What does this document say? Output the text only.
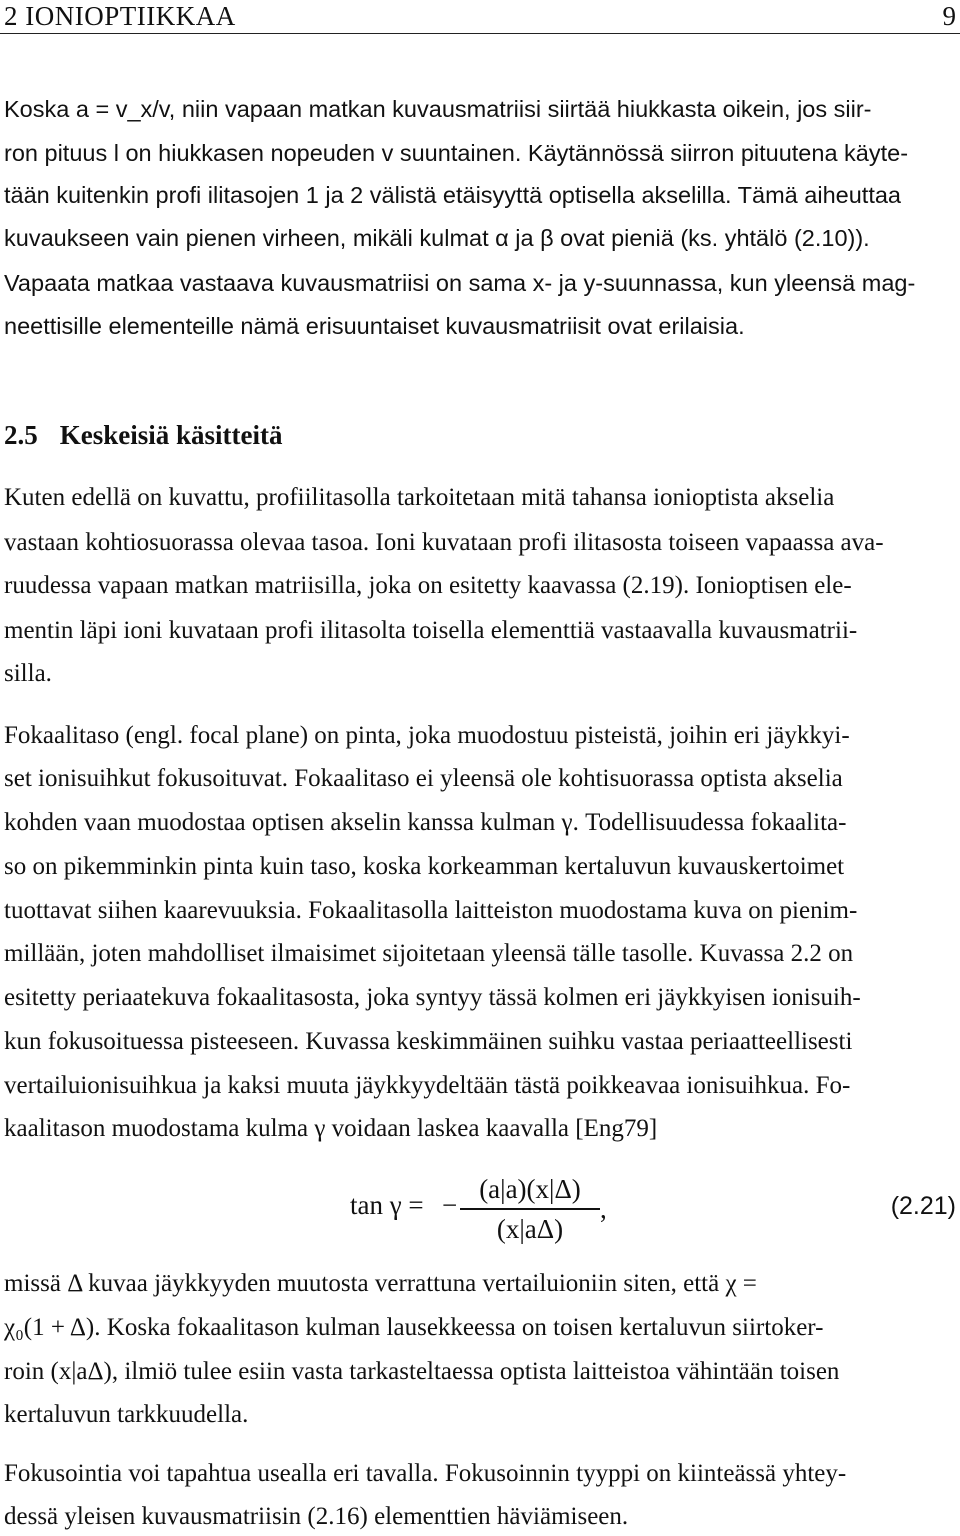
2 IONIOPTIIKKAA	9
Koska a = v_x/v, niin vapaan matkan kuvausmatriisi siirtää hiukkasta oikein, jos siir-
ron pituus l on hiukkasen nopeuden v suuntainen. Käytännössä siirron pituutena käyte-
tään kuitenkin profi ilitasojen 1 ja 2 välistä etäisyyttä optisella akselilla. Tämä aiheuttaa
kuvaukseen vain pienen virheen, mikäli kulmat α ja β ovat pieniä (ks. yhtälö (2.10)).
Vapaata matkaa vastaava kuvausmatriisi on sama x- ja y-suunnassa, kun yleensä mag-
neettisille elementeille nämä erisuuntaiset kuvausmatriisit ovat erilaisia.
2.5 Keskeisiä käsitteitä
Kuten edellä on kuvattu, profiilitasolla tarkoitetaan mitä tahansa ionioptista akselia
vastaan kohtiosuorassa olevaa tasoa. Ioni kuvataan profi ilitasosta toiseen vapaassa ava-
ruudessa vapaan matkan matriisilla, joka on esitetty kaavassa (2.19). Ionioptisen ele-
mentin läpi ioni kuvataan profi ilitasolta toisella elementtiä vastaavalla kuvausmatrii-
silla.
Fokaalitaso (engl. focal plane) on pinta, joka muodostuu pisteistä, joihin eri jäykkyi-
set ionisuihkut fokusoituvat. Fokaalitaso ei yleensä ole kohtisuorassa optista akselia
kohden vaan muodostaa optisen akselin kanssa kulman γ. Todellisuudessa fokaalita-
so on pikemminkin pinta kuin taso, koska korkeamman kertaluvun kuvauskertoimet
tuottavat siihen kaarevuuksia. Fokaalitasolla laitteiston muodostama kuva on pienim-
millään, joten mahdolliset ilmaisimet sijoitetaan yleensä tälle tasolle. Kuvassa 2.2 on
esitetty periaatekuva fokaalitasosta, joka syntyy tässä kolmen eri jäykkyisen ionisuih-
kun fokusoituessa pisteeseen. Kuvassa keskimmäinen suihku vastaa periaatteellisesti
vertailuionisuihkua ja kaksi muuta jäykkyydeltään tästä poikkeavaa ionisuihkua. Fo-
kaalitason muodostama kulma γ voidaan laskea kaavalla [Eng79]
tan γ = −
(a|a)(x|Δ)
(x|aΔ)
,	(2.21)
missä Δ kuvaa jäykkyyden muutosta verrattuna vertailuioniin siten, että χ =
χ₀(1 + Δ). Koska fokaalitason kulman lausekkeessa on toisen kertaluvun siirtoker-
roin (x|aΔ), ilmiö tulee esiin vasta tarkasteltaessa optista laitteistoa vähintään toisen
kertaluvun tarkkuudella.
Fokusointia voi tapahtua usealla eri tavalla. Fokusoinnin tyyppi on kiinteässä yhtey-
dessä yleisen kuvausmatriisin (2.16) elementtien häviämiseen.
